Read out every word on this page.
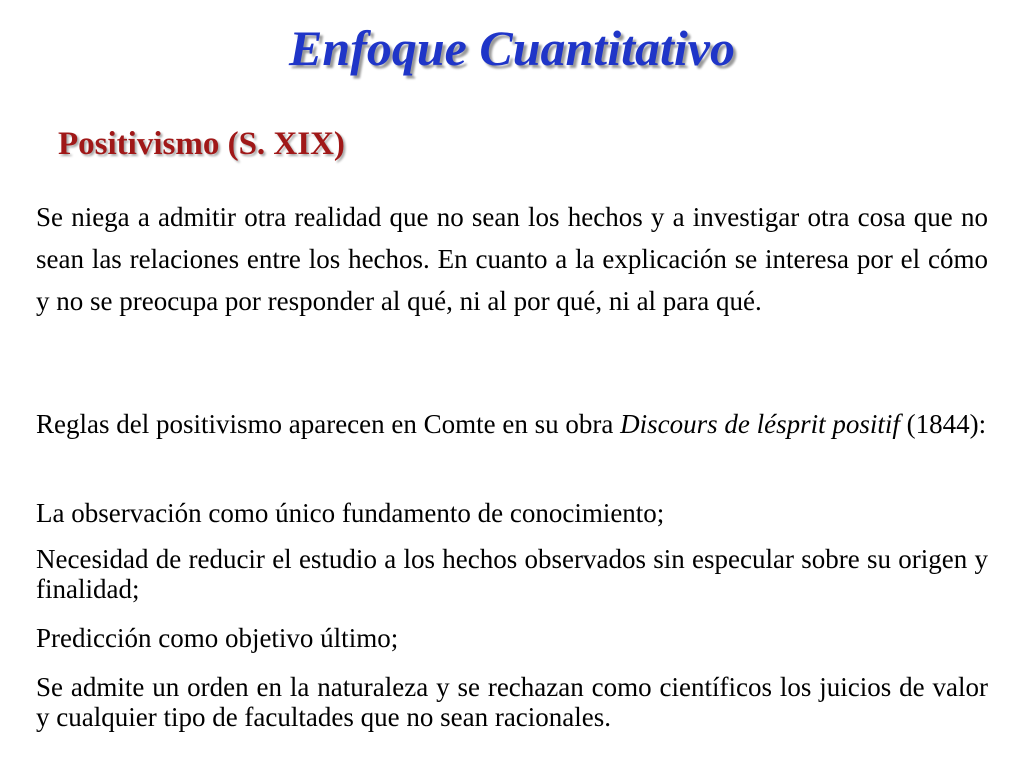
Enfoque Cuantitativo
Positivismo (S. XIX)

Se niega a admitir otra realidad que no sean los hechos y a investigar otra cosa que no sean las relaciones entre los hechos. En cuanto a la explicación se interesa por el cómo y no se preocupa por responder al qué, ni al por qué, ni al para qué.

Reglas del positivismo aparecen en Comte en su obra Discours de lésprit positif (1844):

La observación como único fundamento de conocimiento;

Necesidad de reducir el estudio a los hechos observados sin especular sobre su origen y finalidad;

Predicción como objetivo último;

Se admite un orden en la naturaleza y se rechazan como científicos los juicios de valor y cualquier tipo de facultades que no sean racionales.
